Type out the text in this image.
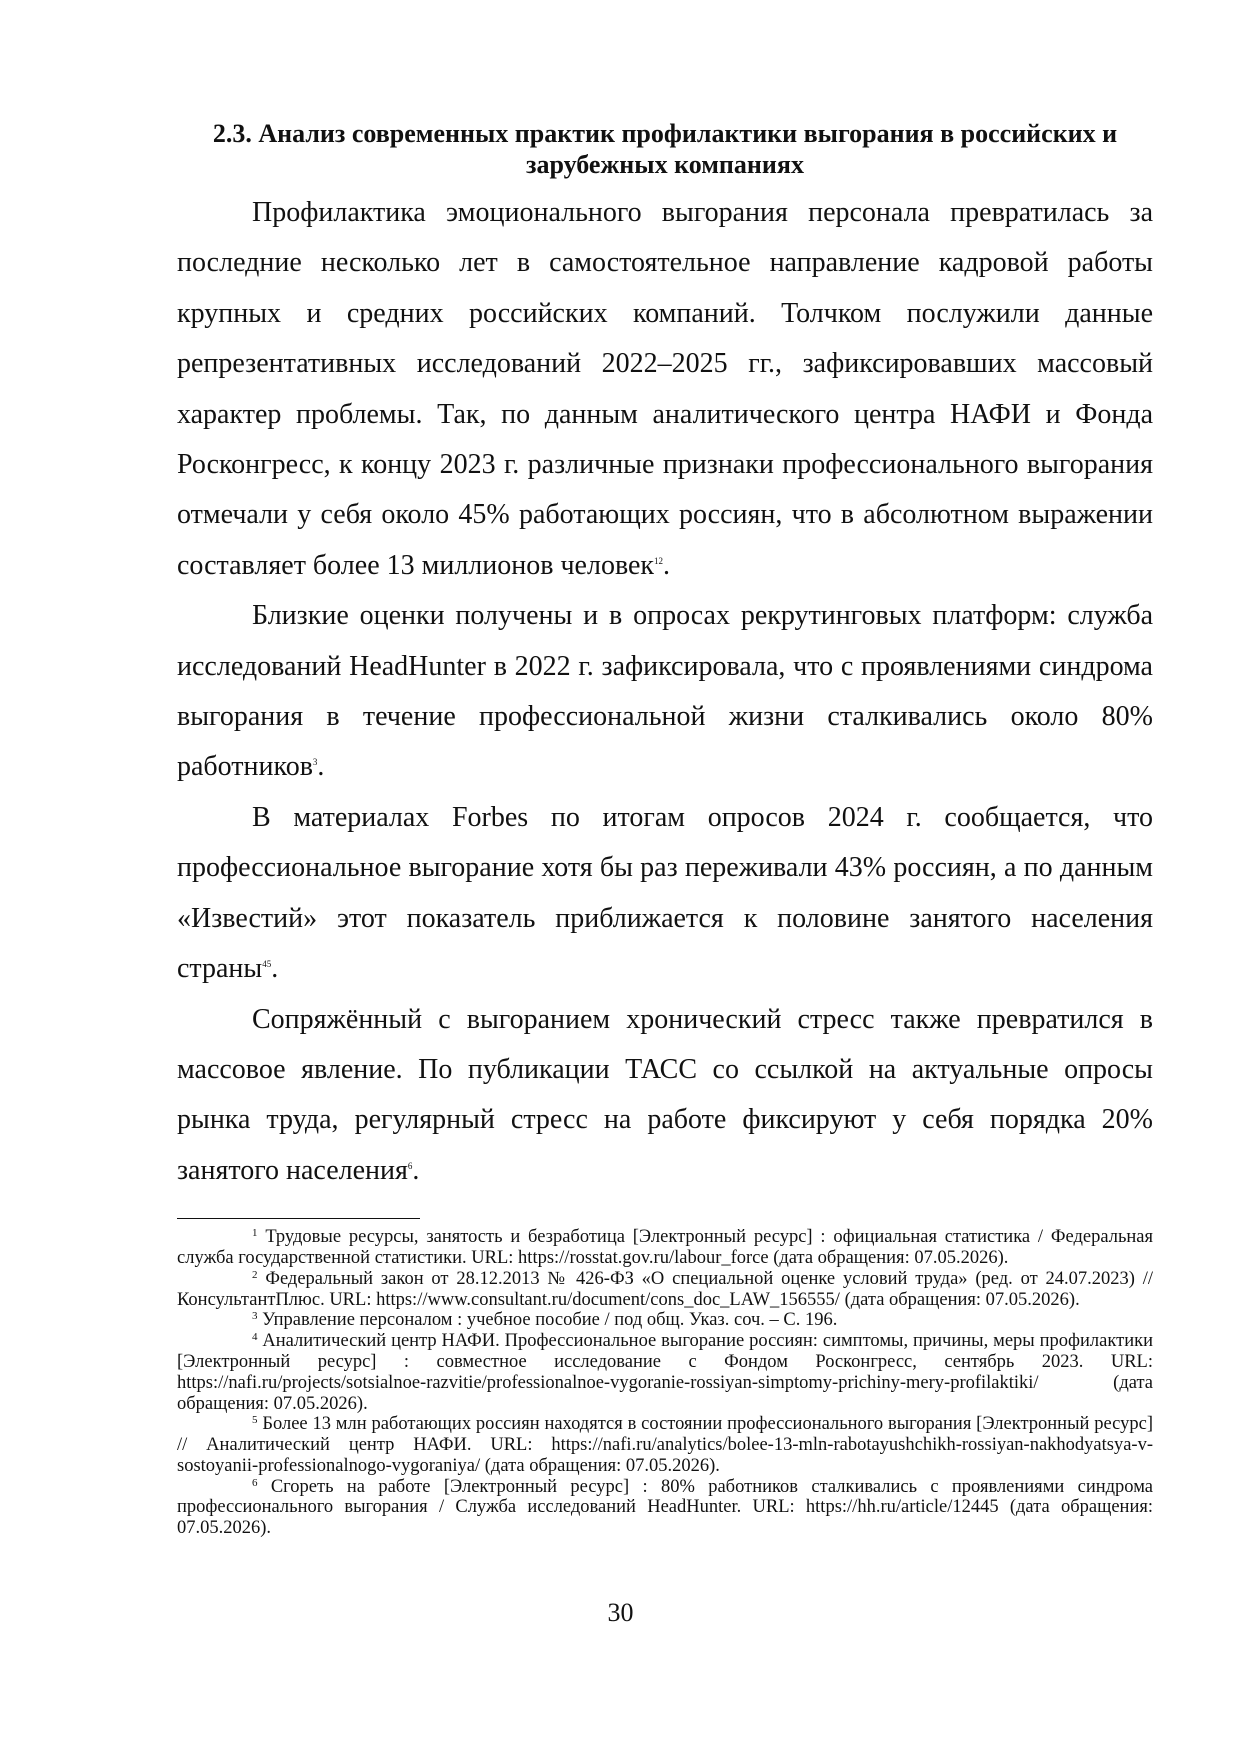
2.3. Анализ современных практик профилактики выгорания в российских и зарубежных компаниях

Профилактика эмоционального выгорания персонала превратилась за последние несколько лет в самостоятельное направление кадровой работы крупных и средних российских компаний. Толчком послужили данные репрезентативных исследований 2022–2025 гг., зафиксировавших массовый характер проблемы. Так, по данным аналитического центра НАФИ и Фонда Росконгресс, к концу 2023 г. различные признаки профессионального выгорания отмечали у себя около 45% работающих россиян, что в абсолютном выражении составляет более 13 миллионов человек$^{12}$.

Близкие оценки получены и в опросах рекрутинговых платформ: служба исследований HeadHunter в 2022 г. зафиксировала, что с проявлениями синдрома выгорания в течение профессиональной жизни сталкивались около 80% работников$^3$.

В материалах Forbes по итогам опросов 2024 г. сообщается, что профессиональное выгорание хотя бы раз переживали 43% россиян, а по данным «Известий» этот показатель приближается к половине занятого населения страны$^{45}$.

Сопряжённый с выгоранием хронический стресс также превратился в массовое явление. По публикации ТАСС со ссылкой на актуальные опросы рынка труда, регулярный стресс на работе фиксируют у себя порядка 20% занятого населения$^6$.

$^1$ Трудовые ресурсы, занятость и безработица [Электронный ресурс] : официальная статистика / Федеральная служба государственной статистики. URL: https://rosstat.gov.ru/labour_force (дата обращения: 07.05.2026).

$^2$ Федеральный закон от 28.12.2013 № 426-ФЗ «О специальной оценке условий труда» (ред. от 24.07.2023) // КонсультантПлюс. URL: https://www.consultant.ru/document/cons_doc_LAW_156555/ (дата обращения: 07.05.2026).

$^3$ Управление персоналом : учебное пособие / под общ. Указ. соч. – С. 196.

$^4$ Аналитический центр НАФИ. Профессиональное выгорание россиян: симптомы, причины, меры профилактики [Электронный ресурс] : совместное исследование с Фондом Росконгресс, сентябрь 2023. URL: https://nafi.ru/projects/sotsialnoe-razvitie/professionalnoe-vygoranie-rossiyan-simptomy-prichiny-mery-profilaktiki/ (дата обращения: 07.05.2026).

$^5$ Более 13 млн работающих россиян находятся в состоянии профессионального выгорания [Электронный ресурс] // Аналитический центр НАФИ. URL: https://nafi.ru/analytics/bolee-13-mln-rabotayushchikh-rossiyan-nakhodyatsya-v-sostoyanii-professionalnogo-vygoraniya/ (дата обращения: 07.05.2026).

$^6$ Сгореть на работе [Электронный ресурс] : 80% работников сталкивались с проявлениями синдрома профессионального выгорания / Служба исследований HeadHunter. URL: https://hh.ru/article/12445 (дата обращения: 07.05.2026).

30
